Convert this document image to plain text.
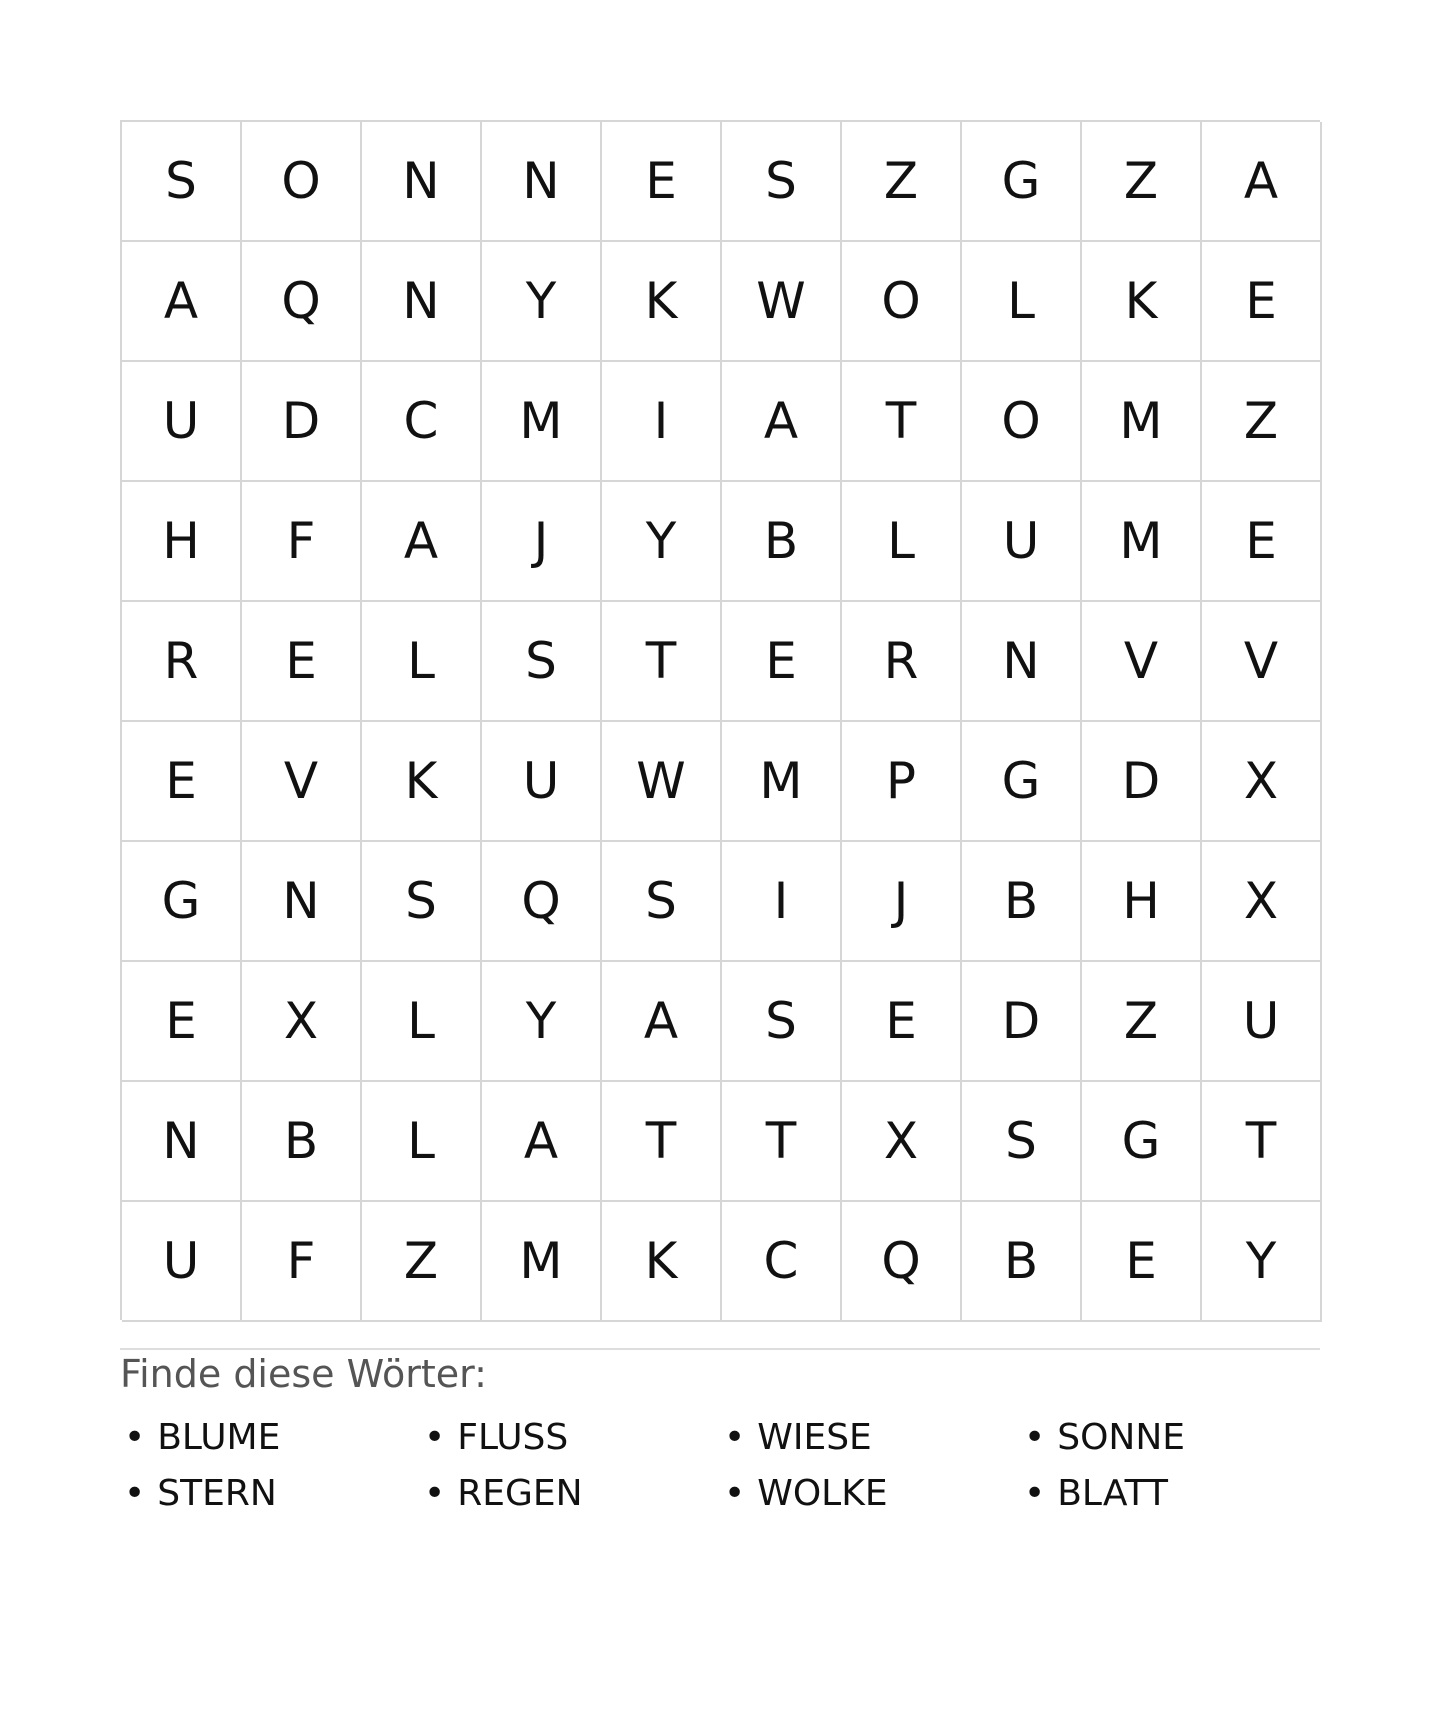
S	O	N	N	E	S	Z	G	Z	A
A	Q	N	Y	K	W	O	L	K	E
U	D	C	M	I	A	T	O	M	Z
H	F	A	J	Y	B	L	U	M	E
R	E	L	S	T	E	R	N	V	V
E	V	K	U	W	M	P	G	D	X
G	N	S	Q	S	I	J	B	H	X
E	X	L	Y	A	S	E	D	Z	U
N	B	L	A	T	T	X	S	G	T
U	F	Z	M	K	C	Q	B	E	Y
Finde diese Wörter:
• BLUME	• FLUSS	• WIESE	• SONNE
• STERN	• REGEN	• WOLKE	• BLATT
